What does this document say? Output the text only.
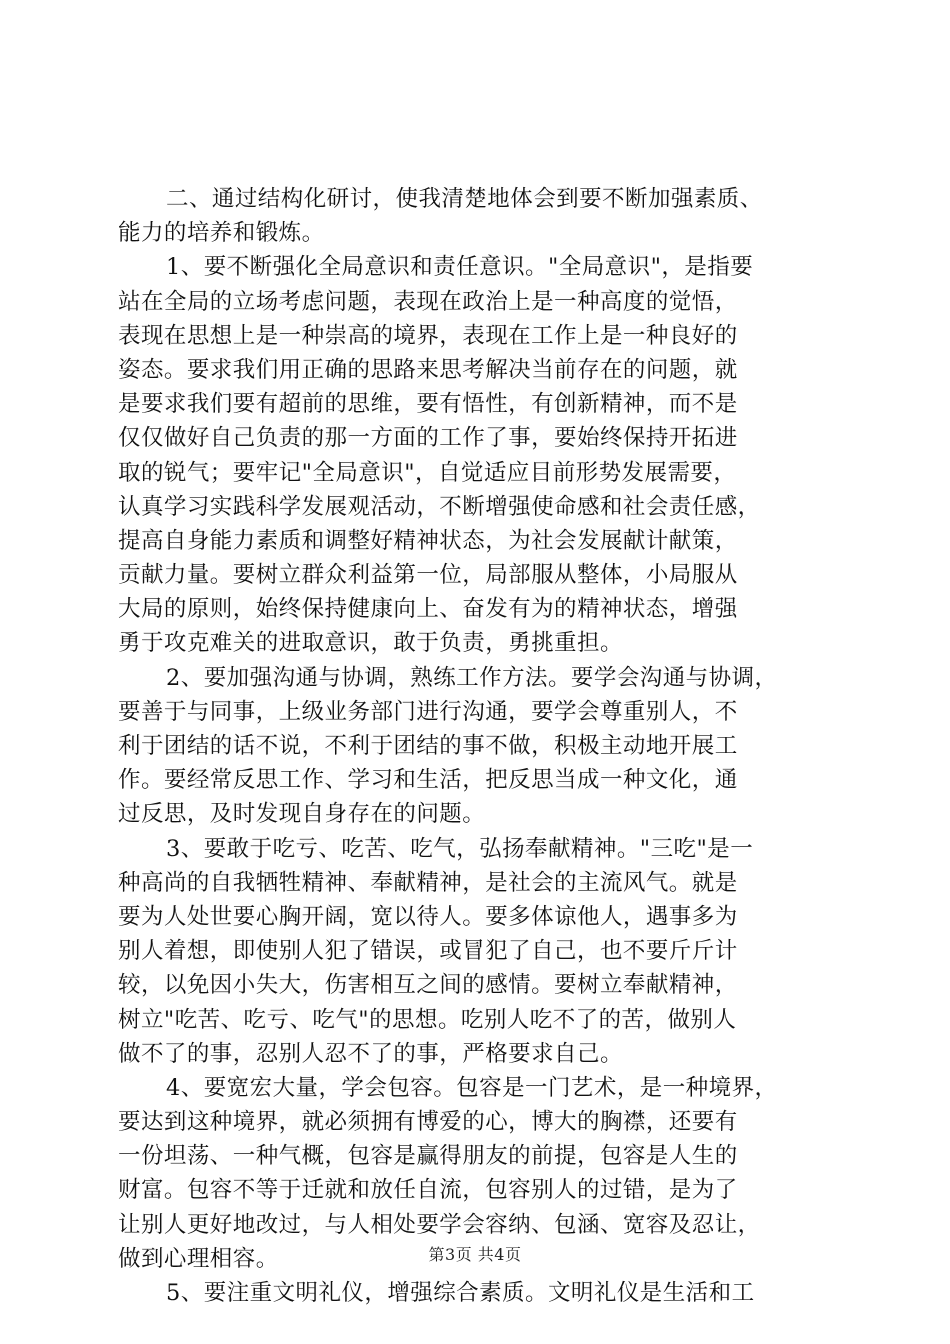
二、通过结构化研讨，使我清楚地体会到要不断加强素质、
能力的培养和锻炼。
1、要不断强化全局意识和责任意识。"全局意识"，是指要
站在全局的立场考虑问题，表现在政治上是一种高度的觉悟，
表现在思想上是一种崇高的境界，表现在工作上是一种良好的
姿态。要求我们用正确的思路来思考解决当前存在的问题，就
是要求我们要有超前的思维，要有悟性，有创新精神，而不是
仅仅做好自己负责的那一方面的工作了事，要始终保持开拓进
取的锐气；要牢记"全局意识"，自觉适应目前形势发展需要，
认真学习实践科学发展观活动，不断增强使命感和社会责任感，
提高自身能力素质和调整好精神状态，为社会发展献计献策，
贡献力量。要树立群众利益第一位，局部服从整体，小局服从
大局的原则，始终保持健康向上、奋发有为的精神状态，增强
勇于攻克难关的进取意识，敢于负责，勇挑重担。
2、要加强沟通与协调，熟练工作方法。要学会沟通与协调，
要善于与同事，上级业务部门进行沟通，要学会尊重别人，不
利于团结的话不说，不利于团结的事不做，积极主动地开展工
作。要经常反思工作、学习和生活，把反思当成一种文化，通
过反思，及时发现自身存在的问题。
3、要敢于吃亏、吃苦、吃气，弘扬奉献精神。"三吃"是一
种高尚的自我牺牲精神、奉献精神，是社会的主流风气。就是
要为人处世要心胸开阔，宽以待人。要多体谅他人，遇事多为
别人着想，即使别人犯了错误，或冒犯了自己，也不要斤斤计
较，以免因小失大，伤害相互之间的感情。要树立奉献精神，
树立"吃苦、吃亏、吃气"的思想。吃别人吃不了的苦，做别人
做不了的事，忍别人忍不了的事，严格要求自己。
4、要宽宏大量，学会包容。包容是一门艺术，是一种境界，
要达到这种境界，就必须拥有博爱的心，博大的胸襟，还要有
一份坦荡、一种气概，包容是赢得朋友的前提，包容是人生的
财富。包容不等于迁就和放任自流，包容别人的过错，是为了
让别人更好地改过，与人相处要学会容纳、包涵、宽容及忍让，
做到心理相容。
5、要注重文明礼仪，增强综合素质。文明礼仪是生活和工
第3页 共4页
